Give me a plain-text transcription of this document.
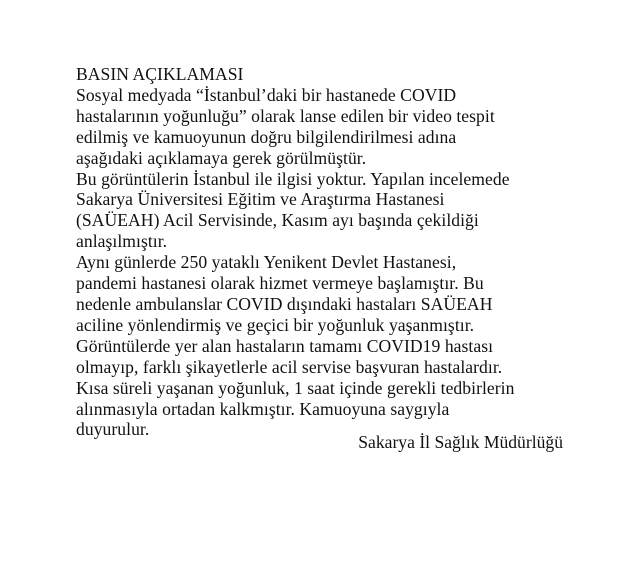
BASIN AÇIKLAMASI

Sosyal medyada “İstanbul’daki bir hastanede COVID

hastalarının yoğunluğu” olarak lanse edilen bir video tespit

edilmiş ve kamuoyunun doğru bilgilendirilmesi adına

aşağıdaki açıklamaya gerek görülmüştür.

Bu görüntülerin İstanbul ile ilgisi yoktur. Yapılan incelemede

Sakarya Üniversitesi Eğitim ve Araştırma Hastanesi

(SAÜEAH) Acil Servisinde, Kasım ayı başında çekildiği

anlaşılmıştır.

Aynı günlerde 250 yataklı Yenikent Devlet Hastanesi,

pandemi hastanesi olarak hizmet vermeye başlamıştır. Bu

nedenle ambulanslar COVID dışındaki hastaları SAÜEAH

aciline yönlendirmiş ve geçici bir yoğunluk yaşanmıştır.

Görüntülerde yer alan hastaların tamamı COVID19 hastası

olmayıp, farklı şikayetlerle acil servise başvuran hastalardır.

Kısa süreli yaşanan yoğunluk, 1 saat içinde gerekli tedbirlerin

alınmasıyla ortadan kalkmıştır. Kamuoyuna saygıyla

duyurulur.

Sakarya İl Sağlık Müdürlüğü
